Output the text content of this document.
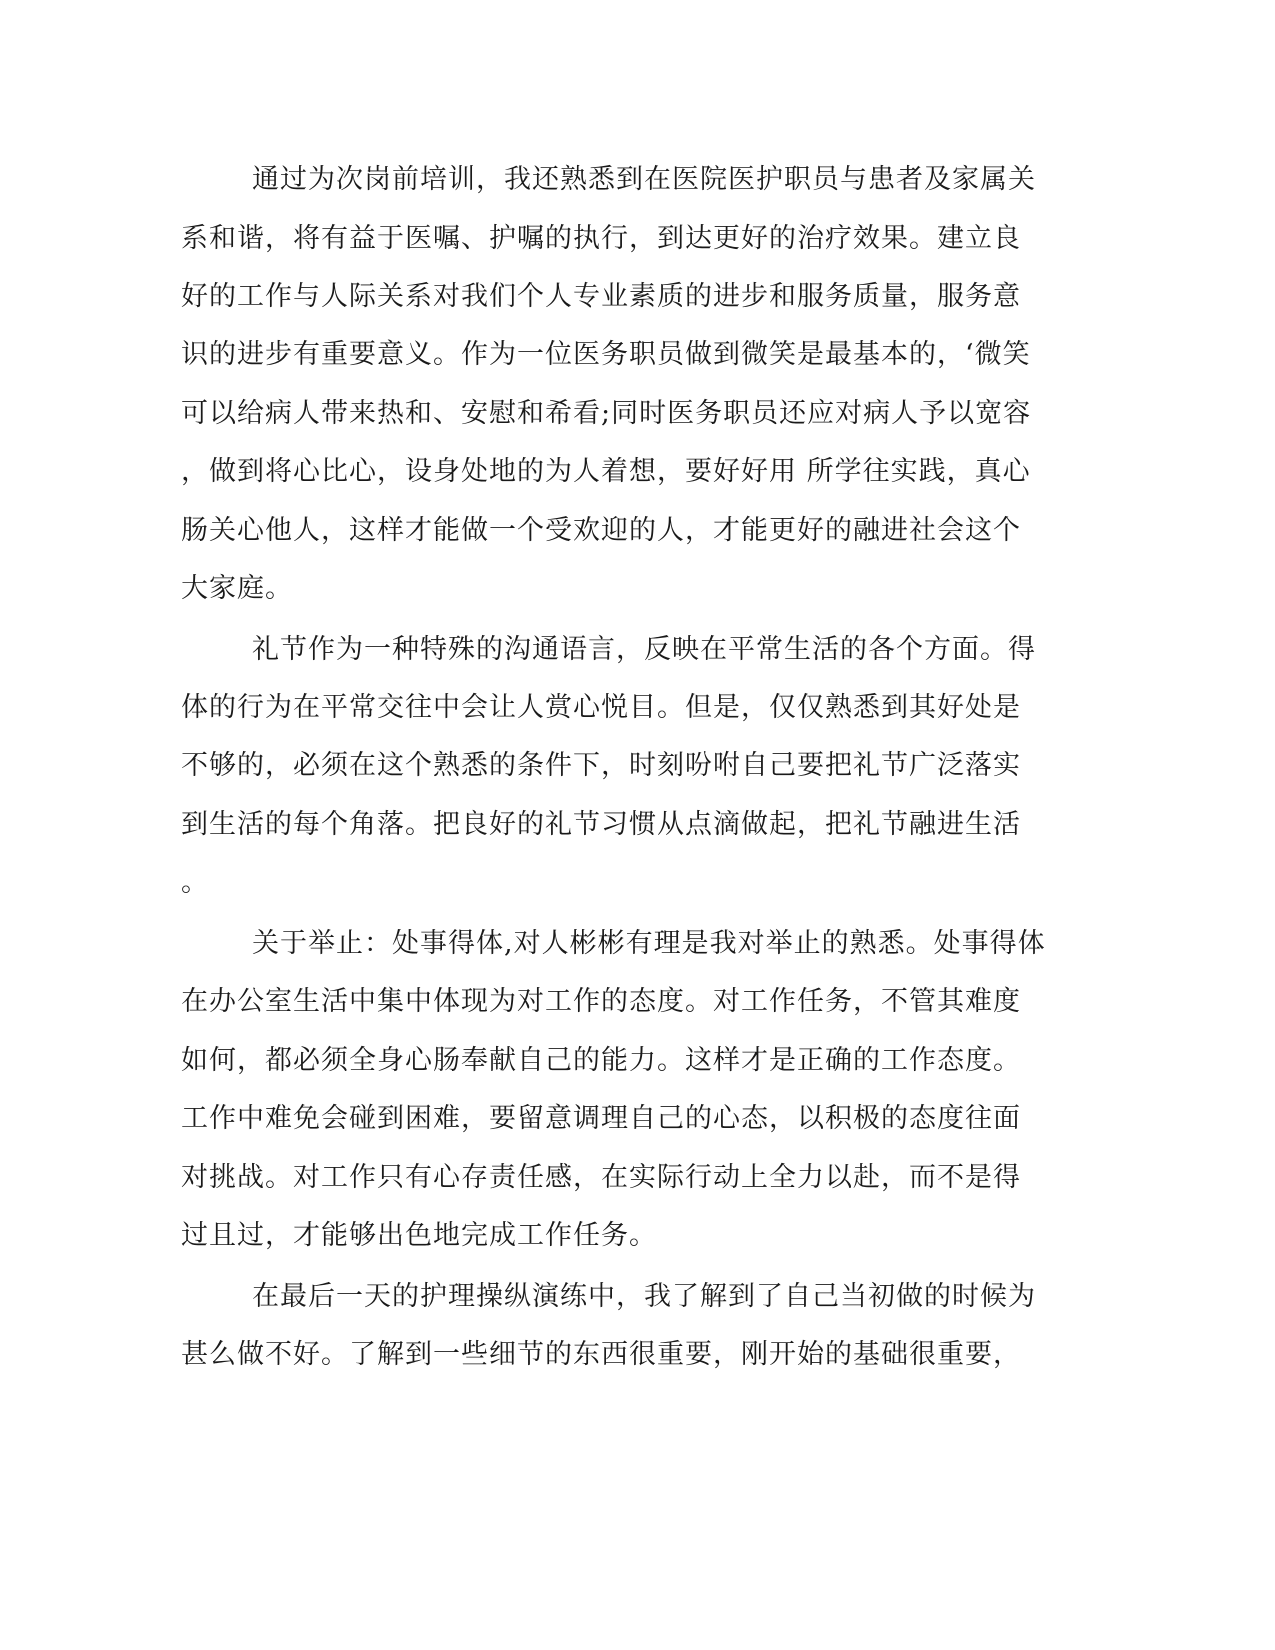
通过为次岗前培训，我还熟悉到在医院医护职员与患者及家属关
系和谐，将有益于医嘱、护嘱的执行，到达更好的治疗效果。建立良
好的工作与人际关系对我们个人专业素质的进步和服务质量，服务意
识的进步有重要意义。作为一位医务职员做到微笑是最基本的，‘微笑
可以给病人带来热和、安慰和希看;同时医务职员还应对病人予以宽容
，做到将心比心，设身处地的为人着想，要好好用 所学往实践，真心
肠关心他人，这样才能做一个受欢迎的人，才能更好的融进社会这个
大家庭。
礼节作为一种特殊的沟通语言，反映在平常生活的各个方面。得
体的行为在平常交往中会让人赏心悦目。但是，仅仅熟悉到其好处是
不够的，必须在这个熟悉的条件下，时刻吩咐自己要把礼节广泛落实
到生活的每个角落。把良好的礼节习惯从点滴做起，把礼节融进生活
。
关于举止：处事得体,对人彬彬有理是我对举止的熟悉。处事得体
在办公室生活中集中体现为对工作的态度。对工作任务，不管其难度
如何，都必须全身心肠奉献自己的能力。这样才是正确的工作态度。
工作中难免会碰到困难，要留意调理自己的心态，以积极的态度往面
对挑战。对工作只有心存责任感，在实际行动上全力以赴，而不是得
过且过，才能够出色地完成工作任务。
在最后一天的护理操纵演练中，我了解到了自己当初做的时候为
甚么做不好。了解到一些细节的东西很重要，刚开始的基础很重要，
